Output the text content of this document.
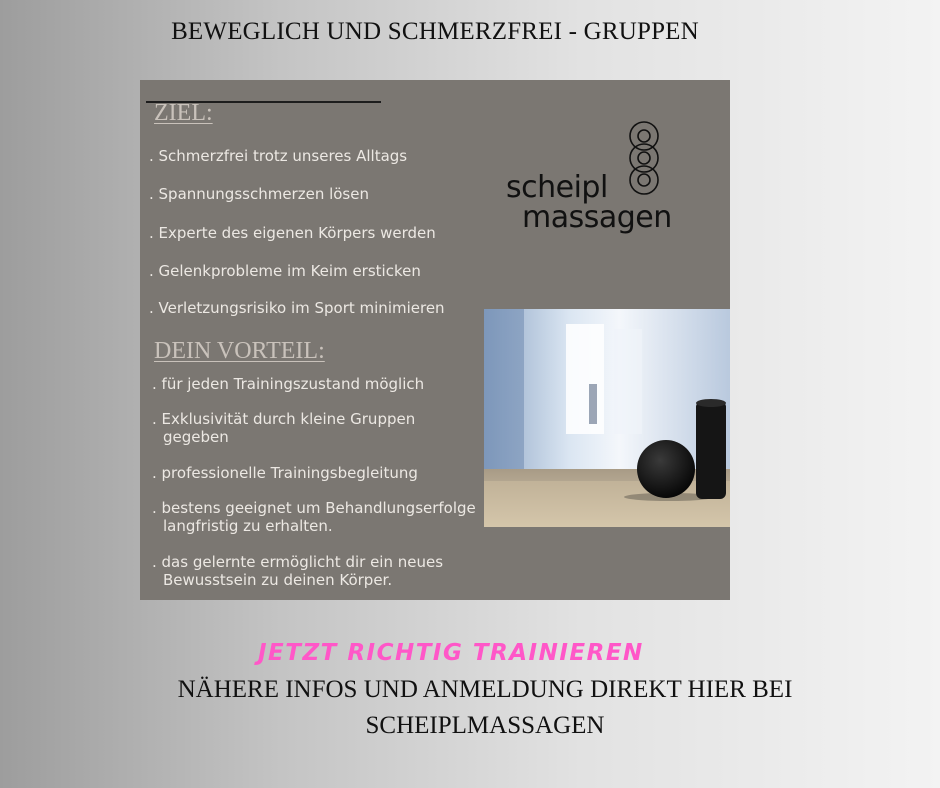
BEWEGLICH UND SCHMERZFREI - GRUPPEN
ZIEL:
. Schmerzfrei trotz unseres Alltags
. Spannungsschmerzen lösen
. Experte des eigenen Körpers werden
. Gelenkprobleme im Keim ersticken
. Verletzungsrisiko im Sport minimieren
DEIN VORTEIL:
. für jeden Trainingszustand möglich
. Exklusivität durch kleine Gruppen
gegeben
. professionelle Trainingsbegleitung
. bestens geeignet um Behandlungserfolge
langfristig zu erhalten.
. das gelernte ermöglicht dir ein neues
Bewusstsein zu deinen Körper.
scheipl
massagen
JETZT RICHTIG TRAINIEREN
NÄHERE INFOS UND ANMELDUNG DIREKT HIER BEI
SCHEIPLMASSAGEN
